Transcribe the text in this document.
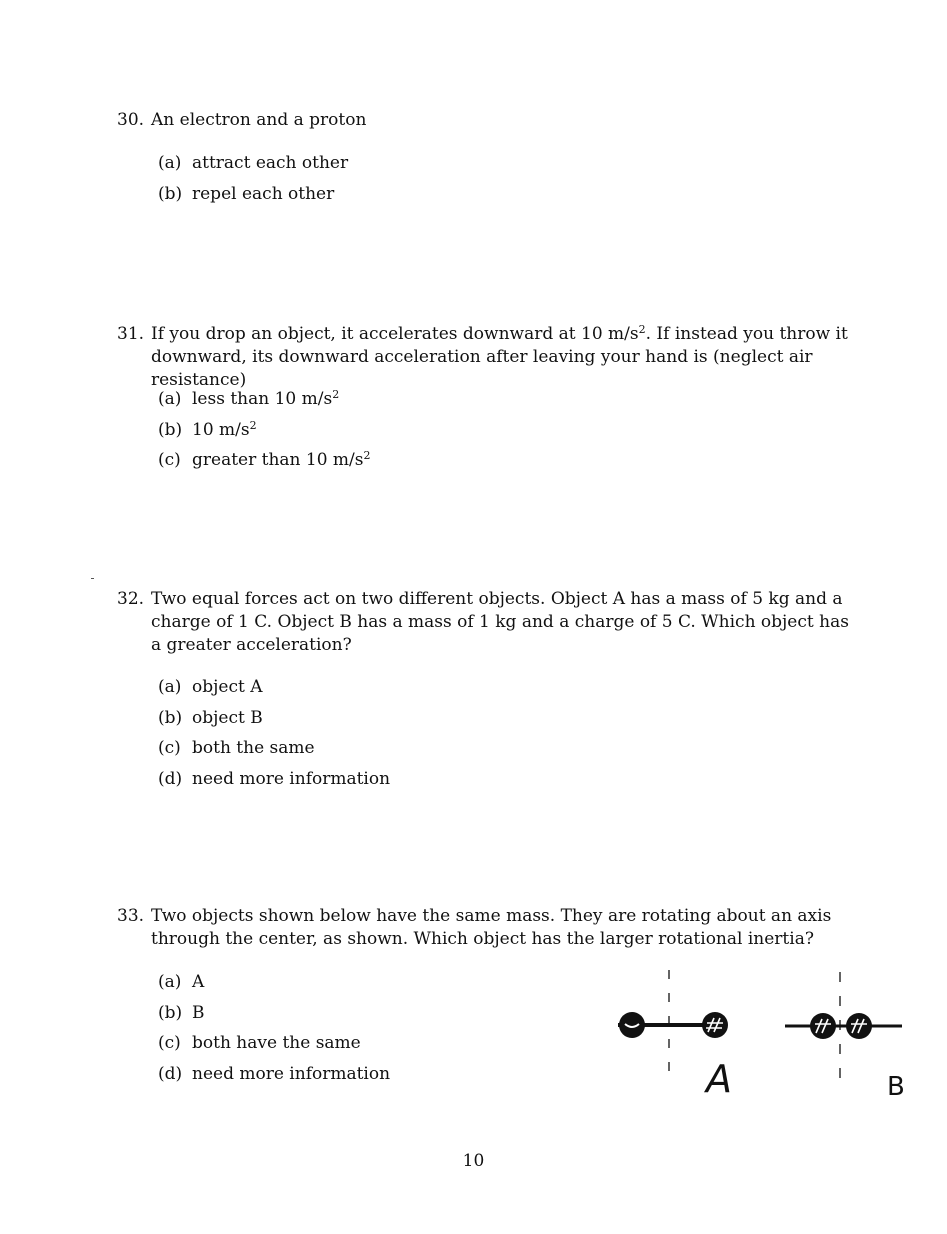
30. An electron and a proton
(a) attract each other
(b) repel each other
31. If you drop an object, it accelerates downward at 10 $m/s^2$. If instead you throw it downward, its downward acceleration after leaving your hand is (neglect air resistance)
(a) less than 10 $m/s^2$
(b) 10 $m/s^2$
(c) greater than 10 $m/s^2$
32. Two equal forces act on two different objects. Object A has a mass of 5 kg and a charge of 1 C. Object B has a mass of 1 kg and a charge of 5 C. Which object has a greater acceleration?
(a) object A
(b) object B
(c) both the same
(d) need more information
33. Two objects shown below have the same mass. They are rotating about an axis through the center, as shown. Which object has the larger rotational inertia?
(a) A
(b) B
(c) both have the same
(d) need more information	A	B
10
